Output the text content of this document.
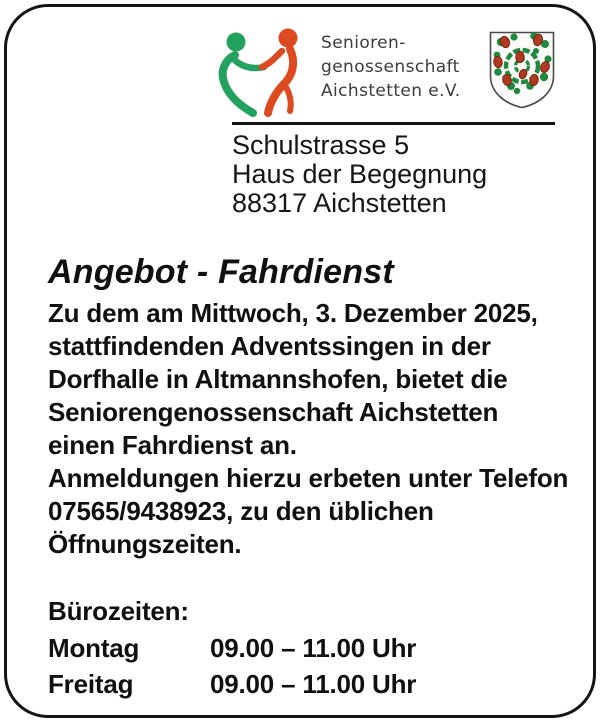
Senioren-
genossenschaft
Aichstetten e.V.
Schulstrasse 5
Haus der Begegnung
88317 Aichstetten
Angebot - Fahrdienst
Zu dem am Mittwoch, 3. Dezember 2025,
stattfindenden Adventssingen in der
Dorfhalle in Altmannshofen, bietet die
Seniorengenossenschaft Aichstetten
einen Fahrdienst an.
Anmeldungen hierzu erbeten unter Telefon
07565/9438923, zu den üblichen
Öffnungszeiten.
Bürozeiten:
Montag	09.00 – 11.00 Uhr
Freitag	09.00 – 11.00 Uhr
